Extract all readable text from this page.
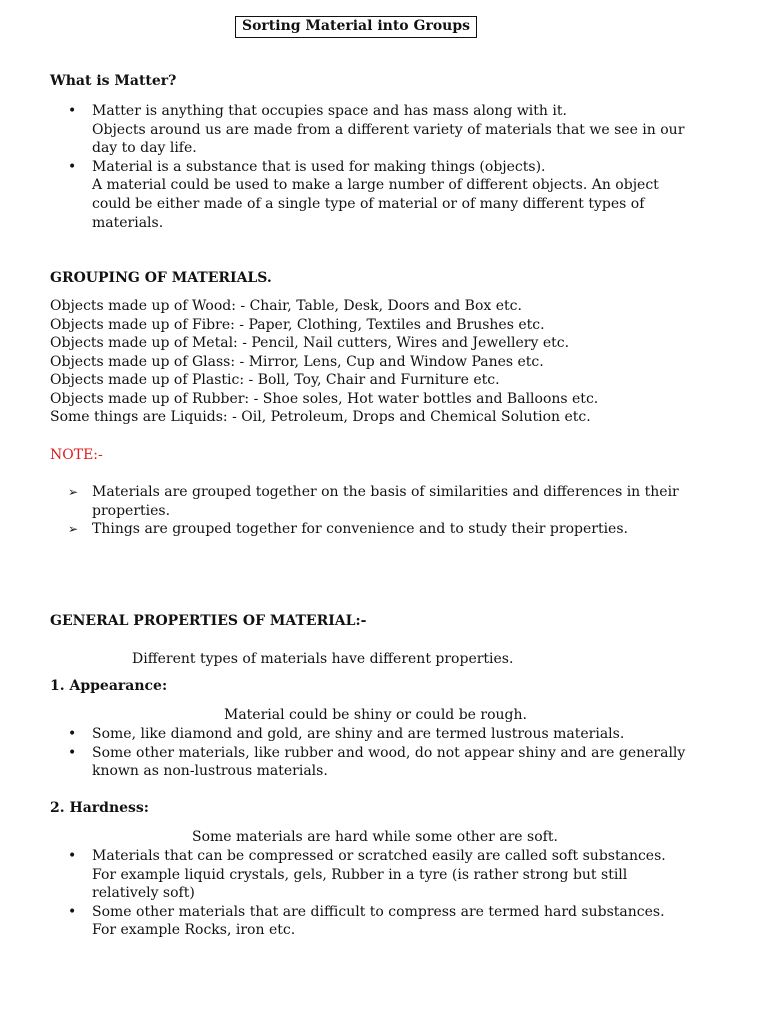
Sorting Material into Groups
What is Matter?
• Matter is anything that occupies space and has mass along with it.
Objects around us are made from a different variety of materials that we see in our
day to day life.
• Material is a substance that is used for making things (objects).
A material could be used to make a large number of different objects. An object
could be either made of a single type of material or of many different types of
materials.
GROUPING OF MATERIALS.
Objects made up of Wood: - Chair, Table, Desk, Doors and Box etc.
Objects made up of Fibre: - Paper, Clothing, Textiles and Brushes etc.
Objects made up of Metal: - Pencil, Nail cutters, Wires and Jewellery etc.
Objects made up of Glass: - Mirror, Lens, Cup and Window Panes etc.
Objects made up of Plastic: - Boll, Toy, Chair and Furniture etc.
Objects made up of Rubber: - Shoe soles, Hot water bottles and Balloons etc.
Some things are Liquids: - Oil, Petroleum, Drops and Chemical Solution etc.
NOTE:-
➢ Materials are grouped together on the basis of similarities and differences in their
properties.
➢ Things are grouped together for convenience and to study their properties.
GENERAL PROPERTIES OF MATERIAL:-
Different types of materials have different properties.
1. Appearance:
Material could be shiny or could be rough.
• Some, like diamond and gold, are shiny and are termed lustrous materials.
• Some other materials, like rubber and wood, do not appear shiny and are generally
known as non-lustrous materials.
2. Hardness:
Some materials are hard while some other are soft.
• Materials that can be compressed or scratched easily are called soft substances.
For example liquid crystals, gels, Rubber in a tyre (is rather strong but still
relatively soft)
• Some other materials that are difficult to compress are termed hard substances.
For example Rocks, iron etc.
